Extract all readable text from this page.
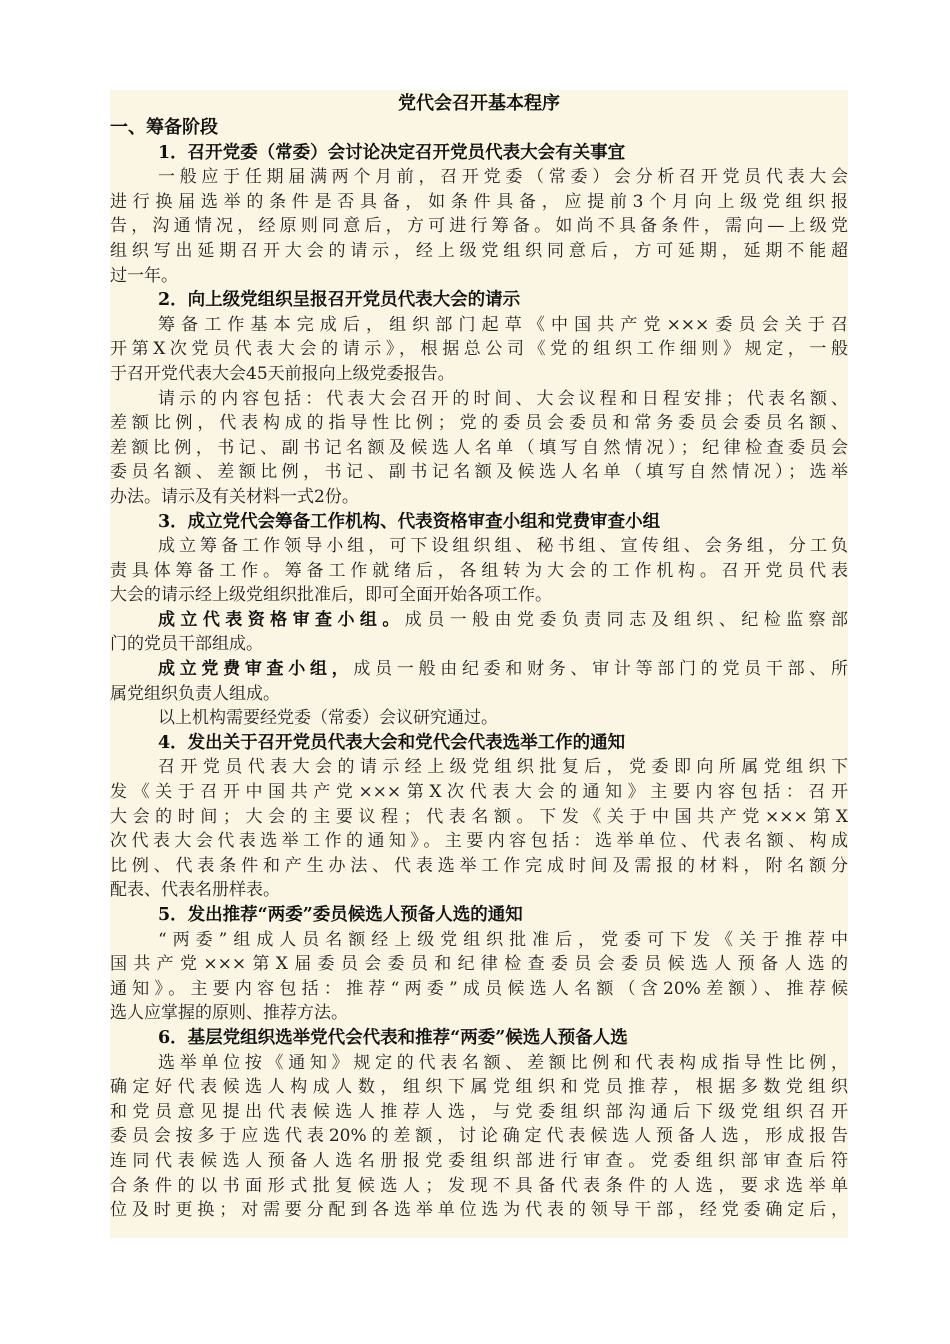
党代会召开基本程序
一、筹备阶段
1．召开党委（常委）会讨论决定召开党员代表大会有关事宜
一般应于任期届满两个月前，召开党委（常委）会分析召开党员代表大会
进行换届选举的条件是否具备，如条件具备，应提前3个月向上级党组织报
告，沟通情况，经原则同意后，方可进行筹备。如尚不具备条件，需向—上级党
组织写出延期召开大会的请示，经上级党组织同意后，方可延期，延期不能超
过一年。
2．向上级党组织呈报召开党员代表大会的请示
筹备工作基本完成后，组织部门起草《中国共产党×××委员会关于召
开第X次党员代表大会的请示》，根据总公司《党的组织工作细则》规定，一般
于召开党代表大会45天前报向上级党委报告。
请示的内容包括：代表大会召开的时间、大会议程和日程安排；代表名额、
差额比例，代表构成的指导性比例；党的委员会委员和常务委员会委员名额、
差额比例，书记、副书记名额及候选人名单（填写自然情况）；纪律检查委员会
委员名额、差额比例，书记、副书记名额及候选人名单（填写自然情况）；选举
办法。请示及有关材料一式2份。
3．成立党代会筹备工作机构、代表资格审查小组和党费审查小组
成立筹备工作领导小组，可下设组织组、秘书组、宣传组、会务组，分工负
责具体筹备工作。筹备工作就绪后，各组转为大会的工作机构。召开党员代表
大会的请示经上级党组织批准后，即可全面开始各项工作。
成立代表资格审查小组。成员一般由党委负责同志及组织、纪检监察部
门的党员干部组成。
成立党费审查小组，成员一般由纪委和财务、审计等部门的党员干部、所
属党组织负责人组成。
以上机构需要经党委（常委）会议研究通过。
4．发出关于召开党员代表大会和党代会代表选举工作的通知
召开党员代表大会的请示经上级党组织批复后，党委即向所属党组织下
发《关于召开中国共产党×××第X次代表大会的通知》主要内容包括：召开
大会的时间；大会的主要议程；代表名额。下发《关于中国共产党×××第X
次代表大会代表选举工作的通知》。主要内容包括：选举单位、代表名额、构成
比例、代表条件和产生办法、代表选举工作完成时间及需报的材料，附名额分
配表、代表名册样表。
5．发出推荐“两委”委员候选人预备人选的通知
“两委”组成人员名额经上级党组织批准后，党委可下发《关于推荐中
国共产党×××第X届委员会委员和纪律检查委员会委员候选人预备人选的
通知》。主要内容包括：推荐“两委”成员候选人名额（含20%差额）、推荐候
选人应掌握的原则、推荐方法。
6．基层党组织选举党代会代表和推荐“两委”候选人预备人选
选举单位按《通知》规定的代表名额、差额比例和代表构成指导性比例，
确定好代表候选人构成人数，组织下属党组织和党员推荐，根据多数党组织
和党员意见提出代表候选人推荐人选，与党委组织部沟通后下级党组织召开
委员会按多于应选代表20%的差额，讨论确定代表候选人预备人选，形成报告
连同代表候选人预备人选名册报党委组织部进行审查。党委组织部审查后符
合条件的以书面形式批复候选人；发现不具备代表条件的人选，要求选举单
位及时更换；对需要分配到各选举单位选为代表的领导干部，经党委确定后，
